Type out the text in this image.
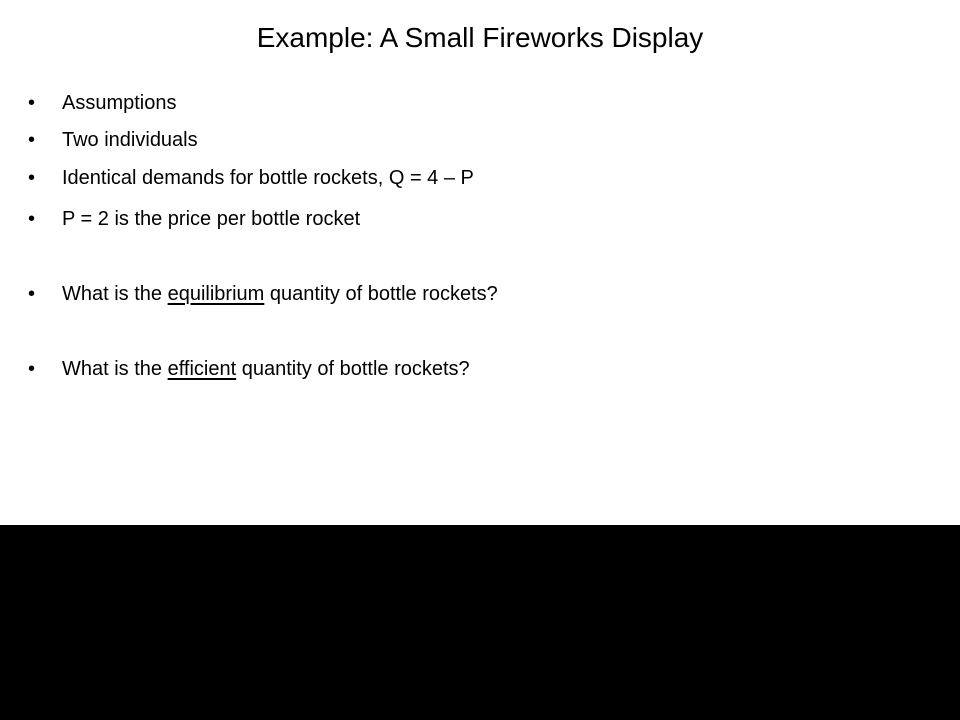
Example: A Small Fireworks Display
•	Assumptions
•	Two individuals
•	Identical demands for bottle rockets, Q = 4 – P
•	P = 2 is the price per bottle rocket
•	What is the equilibrium quantity of bottle rockets?
•	What is the efficient quantity of bottle rockets?
